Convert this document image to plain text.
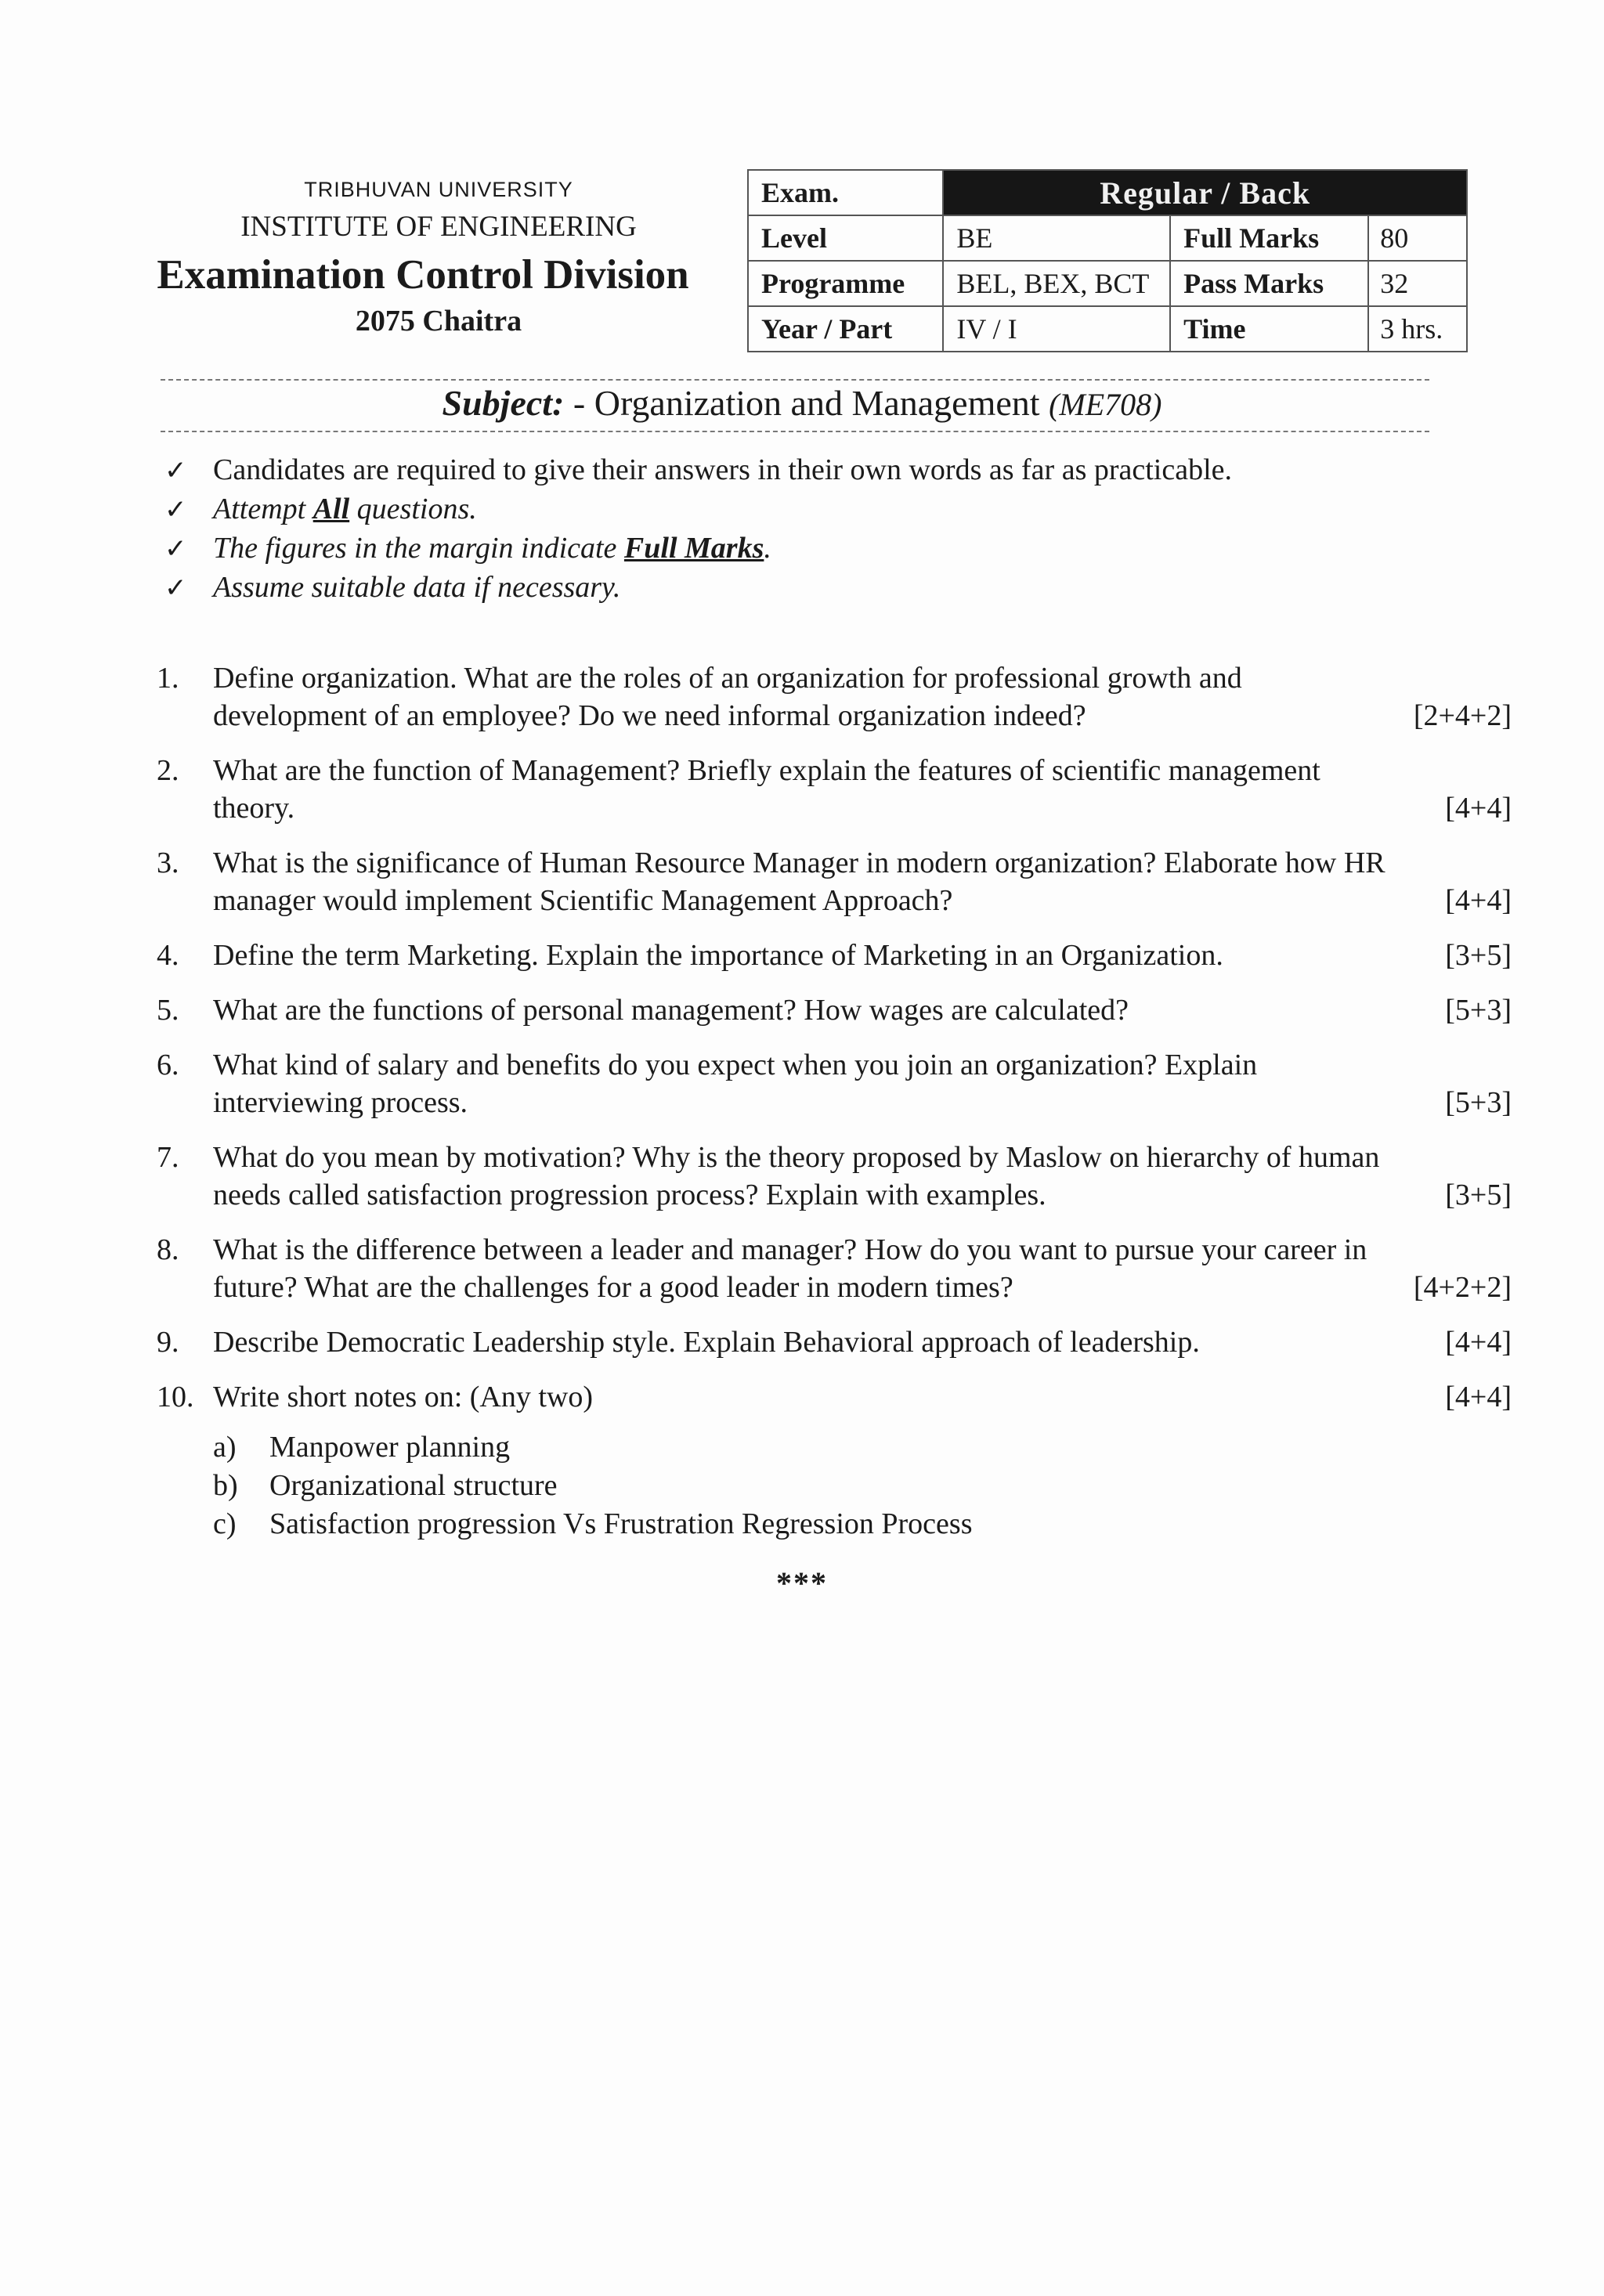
TRIBHUVAN UNIVERSITY
INSTITUTE OF ENGINEERING
Examination Control Division
2075 Chaitra
Exam.	Regular / Back		
Level	BE	Full Marks	80
Programme	BEL, BEX, BCT	Pass Marks	32
Year / Part	IV / I	Time	3 hrs.
Subject: - Organization and Management (ME708)
✓ Candidates are required to give their answers in their own words as far as practicable.
✓ Attempt All questions.
✓ The figures in the margin indicate Full Marks.
✓ Assume suitable data if necessary.
1.	Define organization. What are the roles of an organization for professional growth and development of an employee? Do we need informal organization indeed?	[2+4+2]
2.	What are the function of Management? Briefly explain the features of scientific management theory.	[4+4]
3.	What is the significance of Human Resource Manager in modern organization? Elaborate how HR manager would implement Scientific Management Approach?	[4+4]
4.	Define the term Marketing. Explain the importance of Marketing in an Organization.	[3+5]
5.	What are the functions of personal management? How wages are calculated?	[5+3]
6.	What kind of salary and benefits do you expect when you join an organization? Explain interviewing process.	[5+3]
7.	What do you mean by motivation? Why is the theory proposed by Maslow on hierarchy of human needs called satisfaction progression process? Explain with examples.	[3+5]
8.	What is the difference between a leader and manager? How do you want to pursue your career in future? What are the challenges for a good leader in modern times?	[4+2+2]
9.	Describe Democratic Leadership style. Explain Behavioral approach of leadership.	[4+4]
10. Write short notes on: (Any two)	[4+4]
a)	Manpower planning
b)	Organizational structure
c)	Satisfaction progression Vs Frustration Regression Process
***
